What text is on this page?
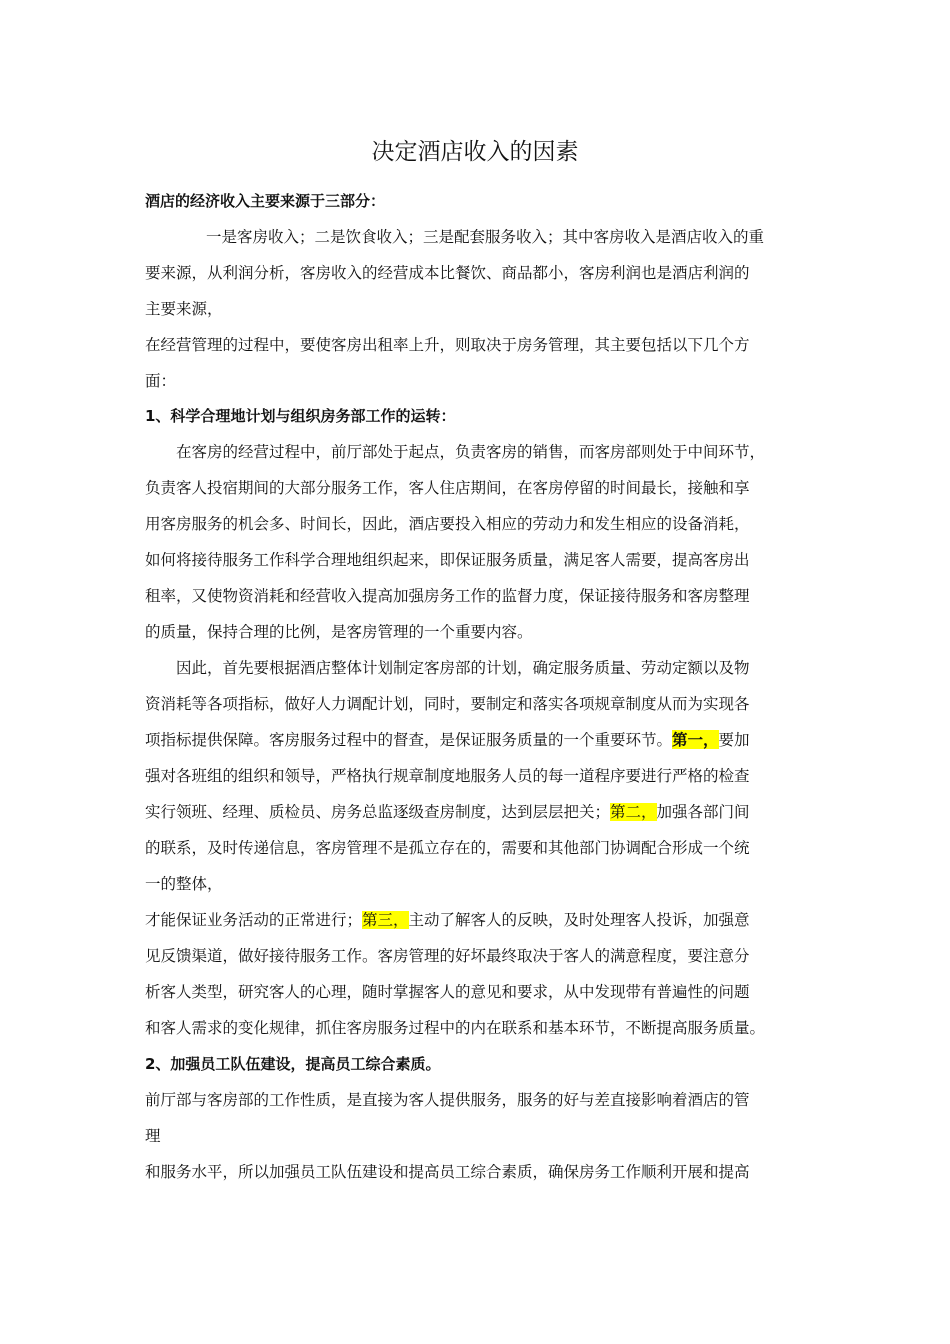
决定酒店收入的因素

酒店的经济收入主要来源于三部分：

一是客房收入；二是饮食收入；三是配套服务收入；其中客房收入是酒店收入的重

要来源，从利润分析，客房收入的经营成本比餐饮、商品都小，客房利润也是酒店利润的

主要来源，

在经营管理的过程中，要使客房出租率上升，则取决于房务管理，其主要包括以下几个方

面：

1、科学合理地计划与组织房务部工作的运转：

在客房的经营过程中，前厅部处于起点，负责客房的销售，而客房部则处于中间环节，

负责客人投宿期间的大部分服务工作，客人住店期间，在客房停留的时间最长，接触和享

用客房服务的机会多、时间长，因此，酒店要投入相应的劳动力和发生相应的设备消耗，

如何将接待服务工作科学合理地组织起来，即保证服务质量，满足客人需要，提高客房出

租率，又使物资消耗和经营收入提高加强房务工作的监督力度，保证接待服务和客房整理

的质量，保持合理的比例，是客房管理的一个重要内容。

因此，首先要根据酒店整体计划制定客房部的计划，确定服务质量、劳动定额以及物

资消耗等各项指标，做好人力调配计划，同时，要制定和落实各项规章制度从而为实现各

项指标提供保障。客房服务过程中的督查，是保证服务质量的一个重要环节。第一，要加

强对各班组的组织和领导，严格执行规章制度地服务人员的每一道程序要进行严格的检查

实行领班、经理、质检员、房务总监逐级查房制度，达到层层把关；第二，加强各部门间

的联系，及时传递信息，客房管理不是孤立存在的，需要和其他部门协调配合形成一个统

一的整体，

才能保证业务活动的正常进行；第三，主动了解客人的反映，及时处理客人投诉，加强意

见反馈渠道，做好接待服务工作。客房管理的好坏最终取决于客人的满意程度，要注意分

析客人类型，研究客人的心理，随时掌握客人的意见和要求，从中发现带有普遍性的问题

和客人需求的变化规律，抓住客房服务过程中的内在联系和基本环节，不断提高服务质量。

2、加强员工队伍建设，提高员工综合素质。

前厅部与客房部的工作性质，是直接为客人提供服务，服务的好与差直接影响着酒店的管

理

和服务水平，所以加强员工队伍建设和提高员工综合素质，确保房务工作顺利开展和提高
